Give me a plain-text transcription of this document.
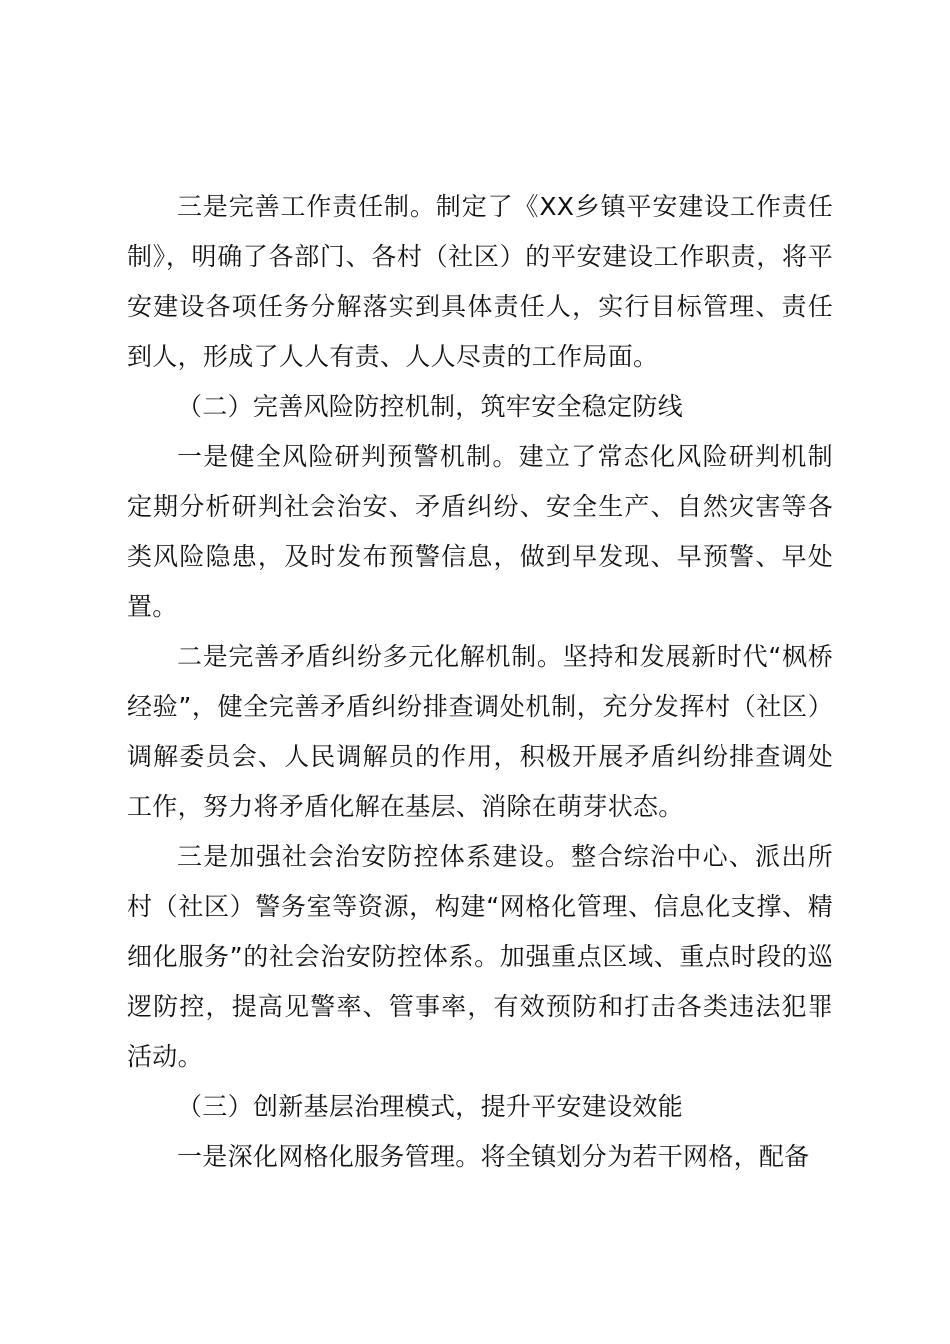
三是完善工作责任制。制定了《XX乡镇平安建设工作责任制》，明确了各部门、各村（社区）的平安建设工作职责，将平安建设各项任务分解落实到具体责任人，实行目标管理、责任到人，形成了人人有责、人人尽责的工作局面。

（二）完善风险防控机制，筑牢安全稳定防线

一是健全风险研判预警机制。建立了常态化风险研判机制定期分析研判社会治安、矛盾纠纷、安全生产、自然灾害等各类风险隐患，及时发布预警信息，做到早发现、早预警、早处置。

二是完善矛盾纠纷多元化解机制。坚持和发展新时代“枫桥经验”，健全完善矛盾纠纷排查调处机制，充分发挥村（社区）调解委员会、人民调解员的作用，积极开展矛盾纠纷排查调处工作，努力将矛盾化解在基层、消除在萌芽状态。

三是加强社会治安防控体系建设。整合综治中心、派出所村（社区）警务室等资源，构建“网格化管理、信息化支撑、精细化服务”的社会治安防控体系。加强重点区域、重点时段的巡逻防控，提高见警率、管事率，有效预防和打击各类违法犯罪活动。

（三）创新基层治理模式，提升平安建设效能

一是深化网格化服务管理。将全镇划分为若干网格，配备
